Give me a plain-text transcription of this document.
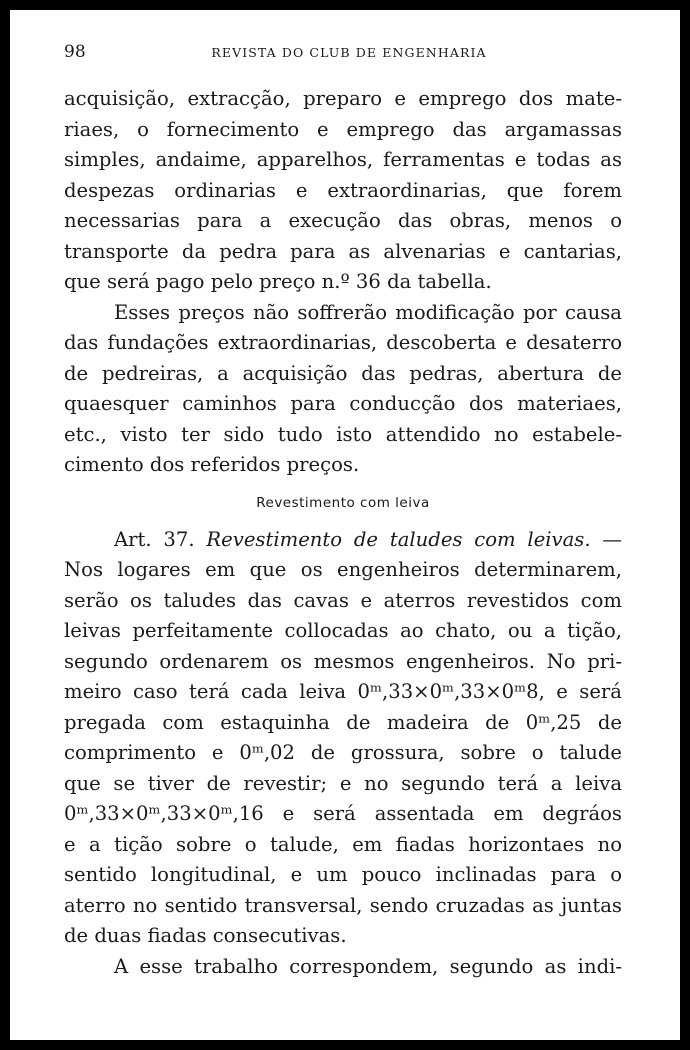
98	REVISTA DO CLUB DE ENGENHARIA
acquisição, extracção, preparo e emprego dos mate-
riaes, o fornecimento e emprego das argamassas
simples, andaime, apparelhos, ferramentas e todas as
despezas ordinarias e extraordinarias, que forem
necessarias para a execução das obras, menos o
transporte da pedra para as alvenarias e cantarias,
que será pago pelo preço n.º 36 da tabella.
Esses preços não soffrerão modificação por causa
das fundações extraordinarias, descoberta e desaterro
de pedreiras, a acquisição das pedras, abertura de
quaesquer caminhos para conducção dos materiaes,
etc., visto ter sido tudo isto attendido no estabele-
cimento dos referidos preços.
Revestimento com leiva
Art. 37. Revestimento de taludes com leivas. —
Nos logares em que os engenheiros determinarem,
serão os taludes das cavas e aterros revestidos com
leivas perfeitamente collocadas ao chato, ou a tição,
segundo ordenarem os mesmos engenheiros. No pri-
meiro caso terá cada leiva 0ᵐ,33×0ᵐ,33×0ᵐ8, e será
pregada com estaquinha de madeira de 0ᵐ,25 de
comprimento e 0ᵐ,02 de grossura, sobre o talude
que se tiver de revestir; e no segundo terá a leiva
0ᵐ,33×0ᵐ,33×0ᵐ,16 e será assentada em degráos
e a tição sobre o talude, em fiadas horizontaes no
sentido longitudinal, e um pouco inclinadas para o
aterro no sentido transversal, sendo cruzadas as juntas
de duas fiadas consecutivas.
A esse trabalho correspondem, segundo as indi-
